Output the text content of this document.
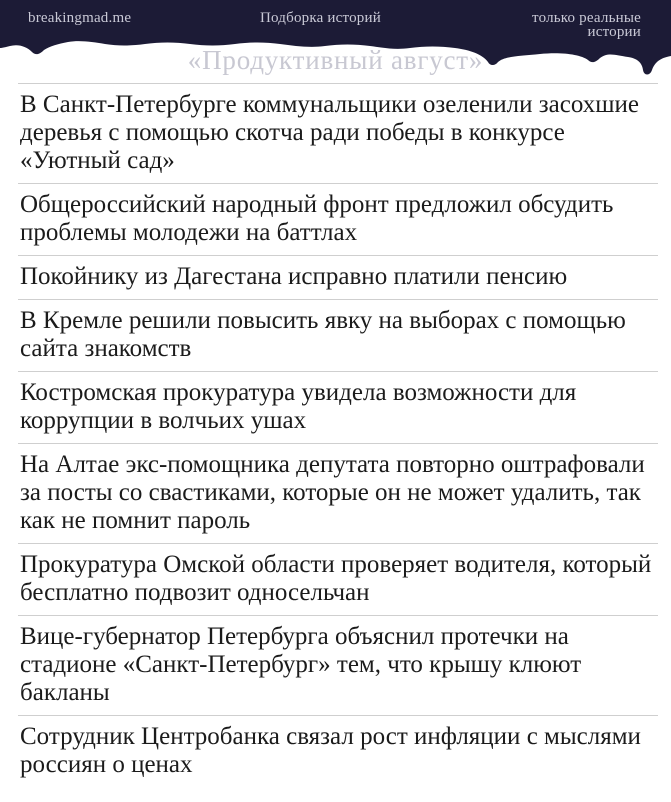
breakingmad.me	Подборка историй	только реальные истории
«Продуктивный август»
В Санкт-Петербурге коммунальщики озеленили засохшие деревья с помощью скотча ради победы в конкурсе «Уютный сад»
Общероссийский народный фронт предложил обсудить проблемы молодежи на баттлах
Покойнику из Дагестана исправно платили пенсию
В Кремле решили повысить явку на выборах с помощью сайта знакомств
Костромская прокуратура увидела возможности для коррупции в волчьих ушах
На Алтае экс-помощника депутата повторно оштрафовали за посты со свастиками, которые он не может удалить, так как не помнит пароль
Прокуратура Омской области проверяет водителя, который бесплатно подвозит односельчан
Вице-губернатор Петербурга объяснил протечки на стадионе «Санкт-Петербург» тем, что крышу клюют бакланы
Сотрудник Центробанка связал рост инфляции с мыслями россиян о ценах
